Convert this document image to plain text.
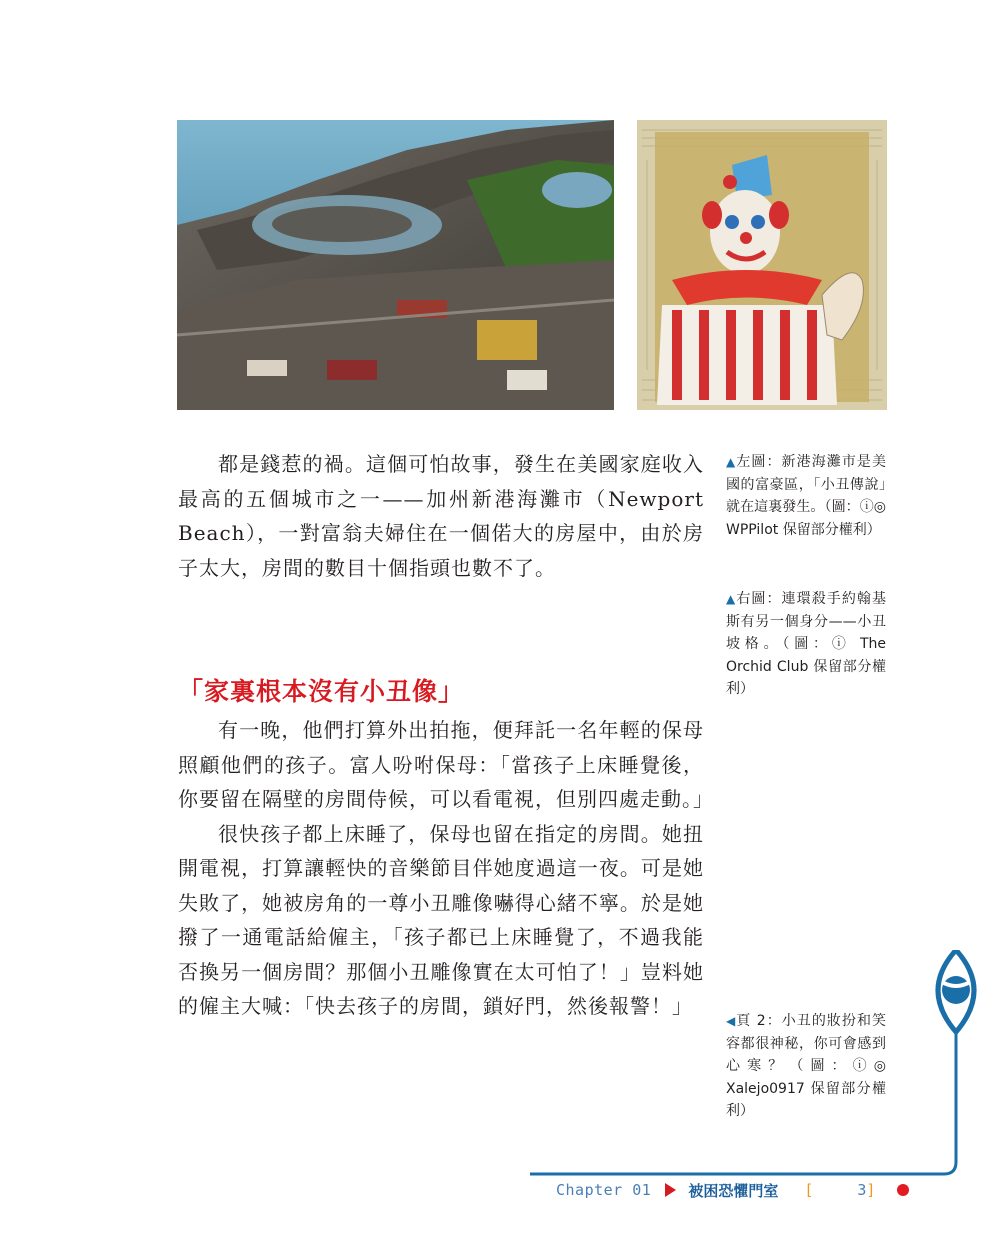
都是錢惹的禍。這個可怕故事，發生在美國家庭收入最高的五個城市之一——加州新港海灘市（Newport Beach），一對富翁夫婦住在一個偌大的房屋中，由於房子太大，房間的數目十個指頭也數不了。

「家裏根本沒有小丑像」

有一晚，他們打算外出拍拖，便拜託一名年輕的保母照顧他們的孩子。富人吩咐保母：「當孩子上床睡覺後，你要留在隔壁的房間侍候，可以看電視，但別四處走動。」

很快孩子都上床睡了，保母也留在指定的房間。她扭開電視，打算讓輕快的音樂節目伴她度過這一夜。可是她失敗了，她被房角的一尊小丑雕像嚇得心緒不寧。於是她撥了一通電話給僱主，「孩子都已上床睡覺了，不過我能否換另一個房間？那個小丑雕像實在太可怕了！」豈料她的僱主大喊：「快去孩子的房間，鎖好門，然後報警！」

▲左圖：新港海灘市是美國的富豪區，「小丑傳說」就在這裏發生。（圖：ⓘ◎ WPPilot 保留部分權利）
▲右圖：連環殺手約翰基斯有另一個身分——小丑坡格。（圖：ⓘ The Orchid Club 保留部分權利）
◀頁 2：小丑的妝扮和笑容都很神秘，你可會感到心寒？（圖：ⓘ◎ Xalejo0917 保留部分權利）
Chapter 01 被困恐懼門室 [	3 ]
